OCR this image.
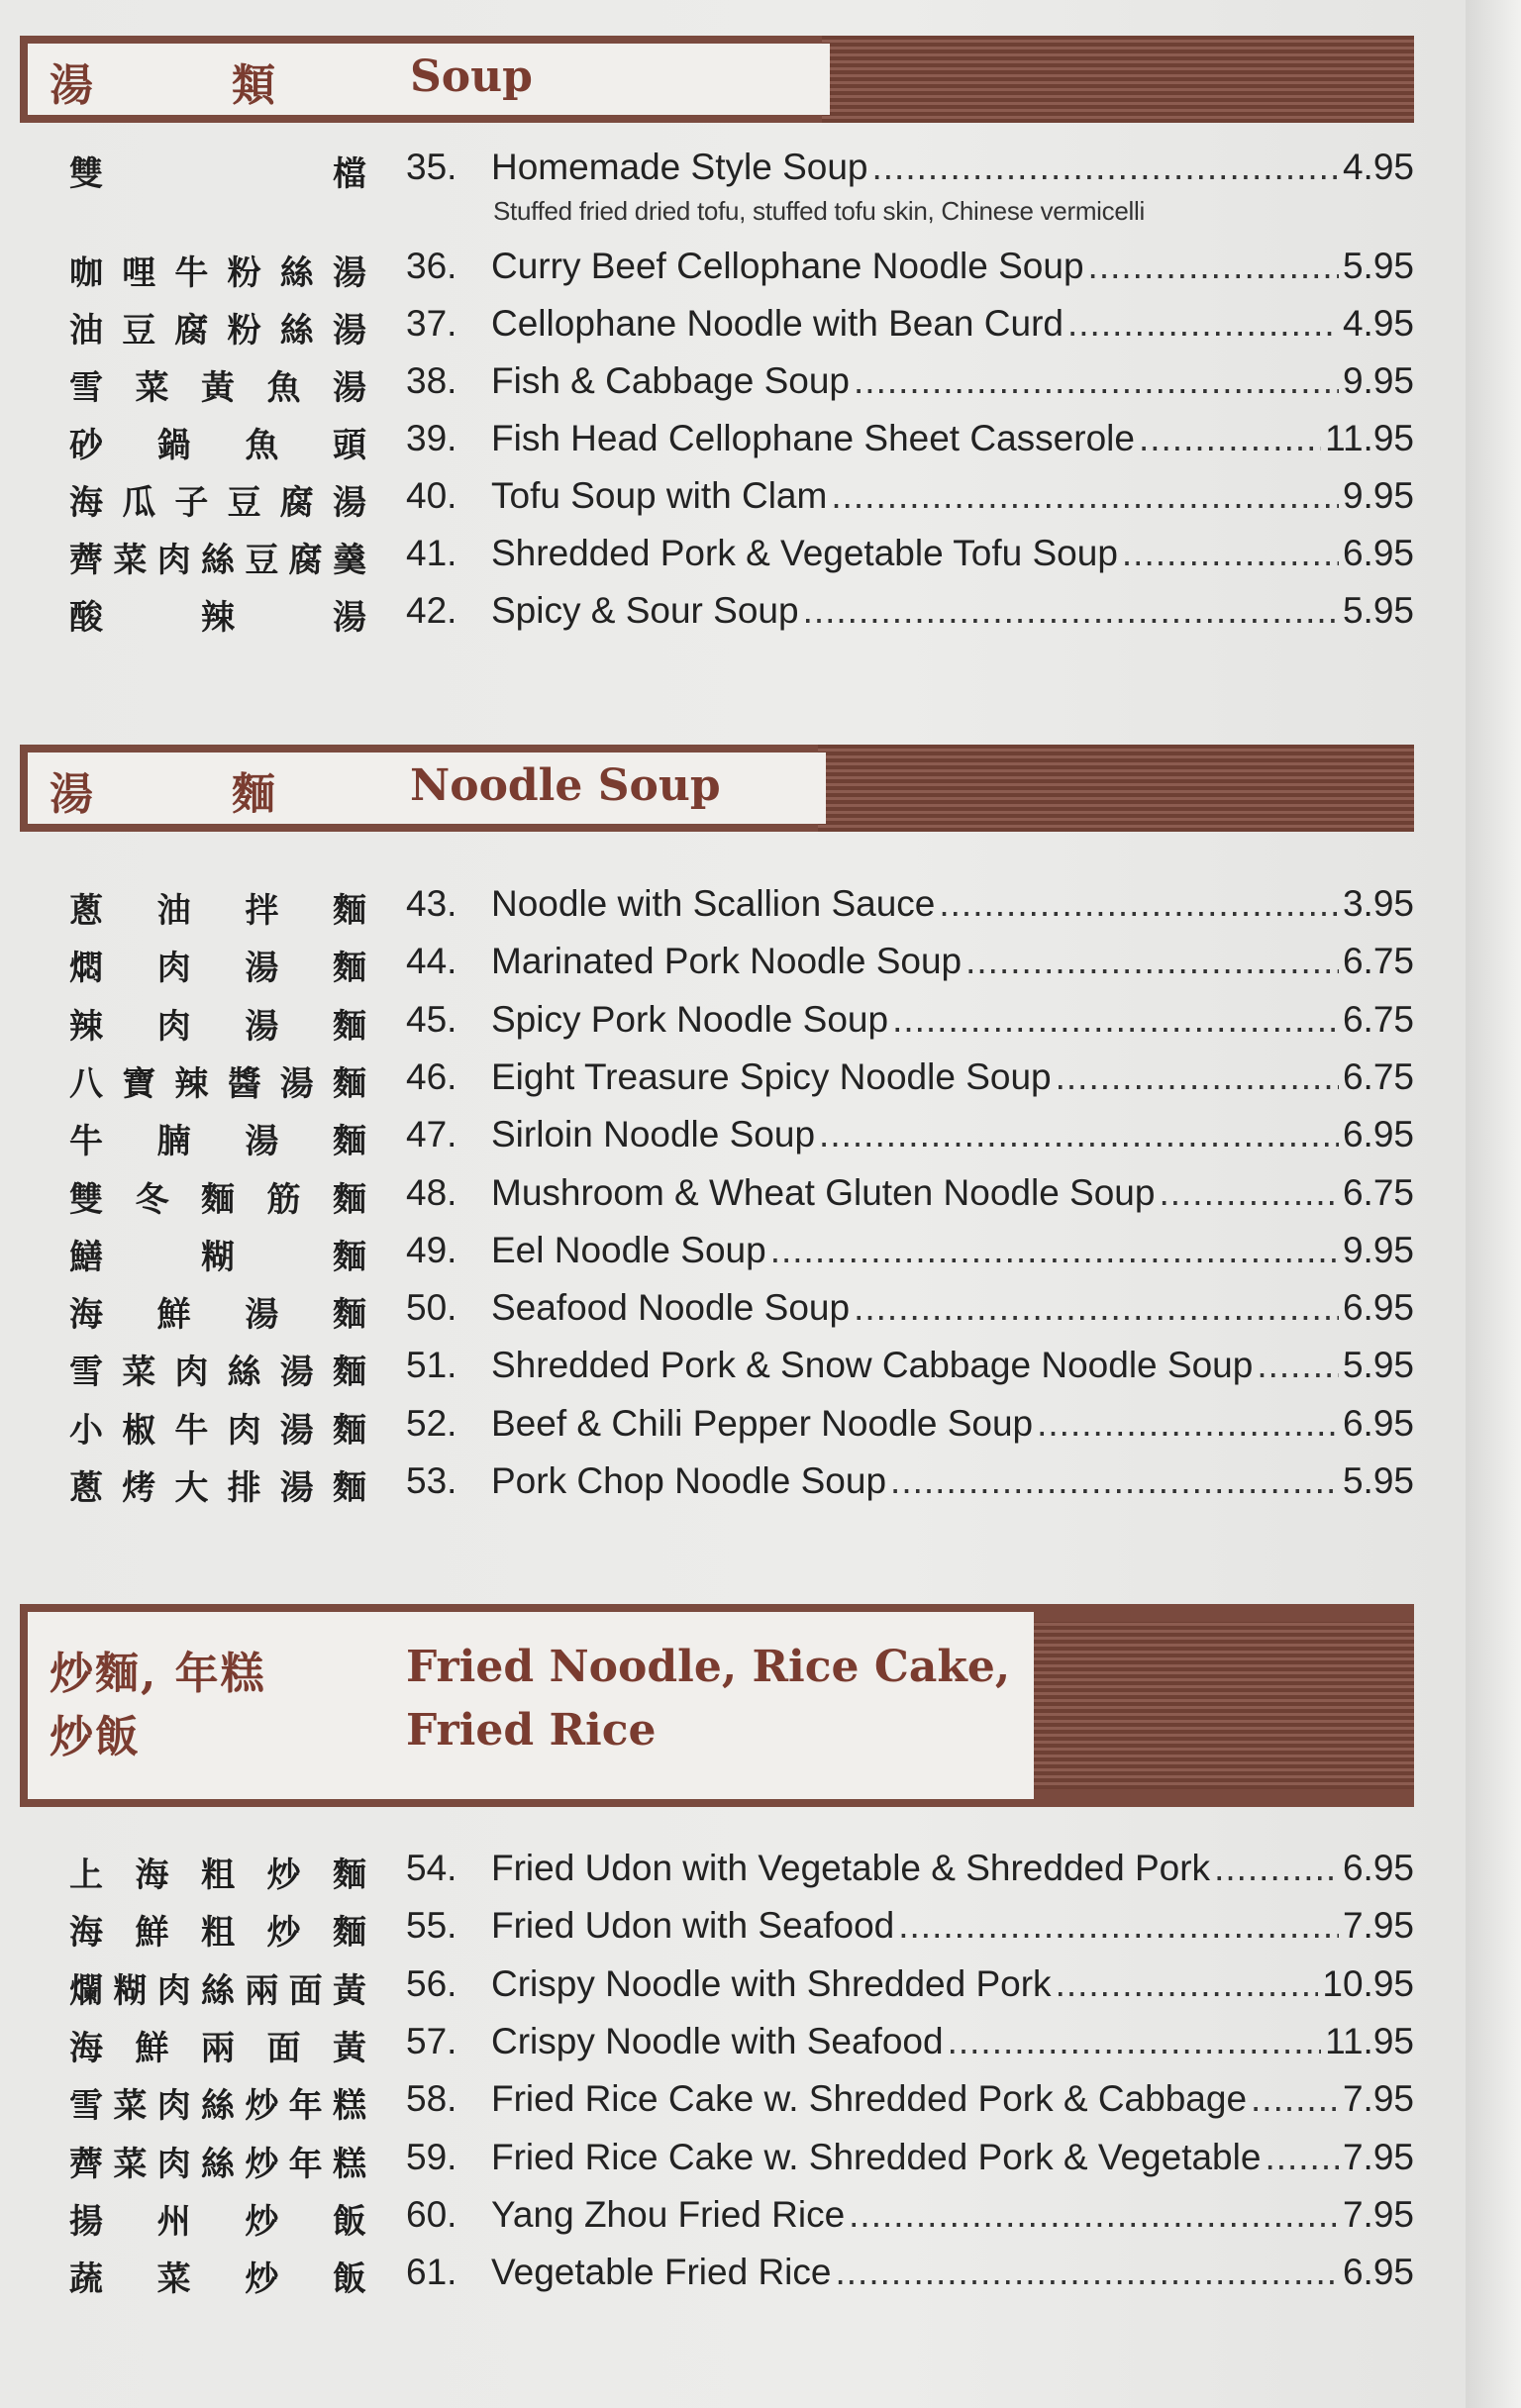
湯　　　類	Soup
雙	檔 35. Homemade Style Soup .....	4.95
Stuffed fried dried tofu, stuffed tofu skin, Chinese vermicelli
咖 哩 牛 粉 絲 湯 36. Curry Beef Cellophane Noodle Soup .....	5.95
油 豆 腐 粉 絲 湯 37. Cellophane Noodle with Bean Curd .....	4.95
雪 菜 黃 魚 湯 38. Fish & Cabbage Soup .....	9.95
砂 鍋 魚 頭 39. Fish Head Cellophane Sheet Casserole .....	11.95
海 瓜 子 豆 腐 湯 40. Tofu Soup with Clam .....	9.95
薺 菜 肉 絲 豆 腐 羹 41. Shredded Pork & Vegetable Tofu Soup .....	6.95
酸	辣	湯 42. Spicy & Sour Soup .....	5.95
湯　　　麵	Noodle Soup
蔥 油 拌 麵 43. Noodle with Scallion Sauce .....	3.95
燜 肉 湯 麵 44. Marinated Pork Noodle Soup .....	6.75
辣 肉 湯 麵 45. Spicy Pork Noodle Soup .....	6.75
八 寶 辣 醬 湯 麵 46. Eight Treasure Spicy Noodle Soup .....	6.75
牛 腩 湯 麵 47. Sirloin Noodle Soup .....	6.95
雙 冬 麵 筋 麵 48. Mushroom & Wheat Gluten Noodle Soup .....	6.75
鱔	糊	麵 49. Eel Noodle Soup .....	9.95
海 鮮 湯 麵 50. Seafood Noodle Soup .....	6.95
雪 菜 肉 絲 湯 麵 51. Shredded Pork & Snow Cabbage Noodle Soup ..... 5.95
小 椒 牛 肉 湯 麵 52. Beef & Chili Pepper Noodle Soup .....	6.95
蔥 烤 大 排 湯 麵 53. Pork Chop Noodle Soup .....	5.95
炒麵, 年糕	Fried Noodle, Rice Cake,
炒飯	Fried Rice
上 海 粗 炒 麵 54. Fried Udon with Vegetable & Shredded Pork .....	6.95
海 鮮 粗 炒 麵 55. Fried Udon with Seafood .....	7.95
爛 糊 肉 絲 兩 面 黃 56. Crispy Noodle with Shredded Pork .....	10.95
海 鮮 兩 面 黃 57. Crispy Noodle with Seafood .....	11.95
雪 菜 肉 絲 炒 年 糕 58. Fried Rice Cake w. Shredded Pork & Cabbage .....	7.95
薺 菜 肉 絲 炒 年 糕 59. Fried Rice Cake w. Shredded Pork & Vegetable ..... 7.95
揚 州 炒 飯 60. Yang Zhou Fried Rice .....	7.95
蔬 菜 炒 飯 61. Vegetable Fried Rice .....	6.95
